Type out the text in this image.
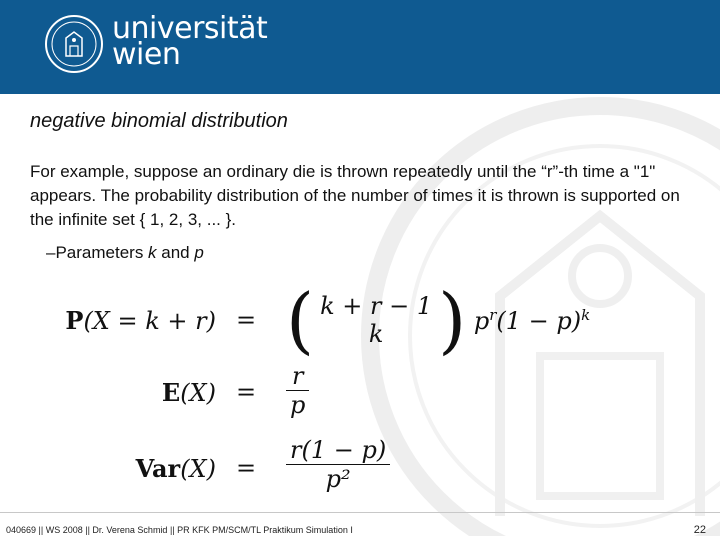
universität
wien
negative binomial distribution
For example, suppose an ordinary die is thrown repeatedly until the “r”-th time a "1" appears. The probability distribution of the number of times it is thrown is supported on the infinite set { 1, 2, 3, ... }.
–Parameters k and p
P(X = k + r) = ( k + r − 1
k ) $p^r(1 - p)^k$
$E(X) = \frac{r}{p}$
$Var(X) = \frac{r(1 - p)}{\text{p²}}$
040669 || WS 2008 || Dr. Verena Schmid || PR KFK PM/SCM/TL Praktikum Simulation I	22
